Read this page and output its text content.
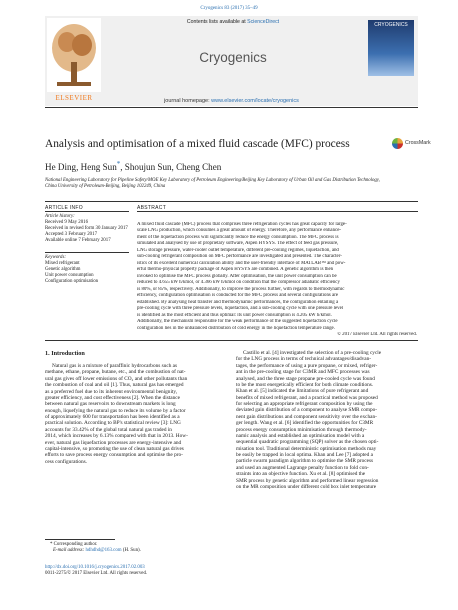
Cryogenics 83 (2017) 35–49
ELSEVIER
Contents lists available at ScienceDirect
Cryogenics
CRYOGENICS
journal homepage: www.elsevier.com/locate/cryogenics
Analysis and optimisation of a mixed fluid cascade (MFC) process	CrossMark
He Ding, Heng Sun*, Shoujun Sun, Cheng Chen
National Engineering Laboratory for Pipeline Safety/MOE Key Laboratory of Petroleum Engineering/Beijing Key Laboratory of Urban Oil and Gas Distribution Technology,
China University of Petroleum-Beijing, Beijing 102249, China
ARTICLE INFO
Article history:
Received 9 May 2016
Received in revised form 30 January 2017
Accepted 3 February 2017
Available online 7 February 2017
Keywords:
Mixed refrigerant
Genetic algorithm
Unit power consumption
Configuration optimisation
ABSTRACT
A mixed fluid cascade (MFC) process that comprises three refrigeration cycles has great capacity for large-
scale LNG production, which consumes a great amount of energy. Therefore, any performance enhance-
ment of the liquefaction process will significantly reduce the energy consumption. The MFC process is
simulated and analysed by use of proprietary software, Aspen HYSYS. The effect of feed gas pressure,
LNG storage pressure, water-cooler outlet temperature, different pre-cooling regimes, liquefaction, and
sub-cooling refrigerant composition on MFC performance are investigated and presented. The character-
istics of its excellent numerical calculation ability and the user-friendly interface of MATLAB™ and pow-
erful thermo-physical property package of Aspen HYSYS are combined. A genetic algorithm is then
invoked to optimise the MFC process globally. After optimisation, the unit power consumption can be
reduced to 4.655 kW h/kmol, or 4.366 kW h/kmol on condition that the compressor adiabatic efficiency
is 80%, or 85%, respectively. Additionally, to improve the process further, with regards to thermodynamic
efficiency, configuration optimisation is conducted for the MFC process and several configurations are
established. By analysing heat transfer and thermodynamic performances, the configuration entailing a
pre-cooling cycle with three pressure levels, liquefaction, and a sub-cooling cycle with one pressure level
is identified as the most efficient and thus optimal: its unit power consumption is 4.205 kW h/kmol.
Additionally, the mechanism responsible for the weak performance of the suggested liquefaction cycle
configuration lies in the unbalanced distribution of cold energy in the liquefaction temperature range.
© 2017 Elsevier Ltd. All rights reserved.
1. Introduction
Natural gas is a mixture of paraffinic hydrocarbons such as
methane, ethane, propane, butane, etc., and the combustion of nat-
ural gas gives off lower emissions of CO₂ and other pollutants than
the combustion of coal and oil [1]. Thus, natural gas has emerged
as a preferred fuel due to its inherent environmental benignity,
greater efficiency, and cost effectiveness [2]. When the distance
between natural gas reservoirs to downstream markets is long
enough, liquefying the natural gas to reduce its volume by a factor
of approximately 600 for transportation has been identified as a
practical solution. According to BP's statistical review [3]: LNG
accounts for 33.42% of the global total natural gas traded in
2014, which increases by 6.13% compared with that in 2013. How-
ever, natural gas liquefaction processes are energy-intensive and
capital-intensive, so promoting the use of clean natural gas drives
efforts to save process energy consumption and optimise the pro-
cess configurations.
Castillo et al. [4] investigated the selection of a pre-cooling cycle
for the LNG process in terms of technical advantages/disadvan-
tages, the performance of using a pure propane, or mixed, refriger-
ant in the pre-cooling stage for C3MR and MFC processes was
analysed, and the three stage propane pre-cooled cycle was found
to be the most energetically efficient for both climate conditions.
Khan et al. [5] indicated the limitations of pure refrigerant and
benefits of mixed refrigerant, and a practical method was proposed
for selecting an appropriate refrigerant composition by using the
deviated gain distribution of a component to analyse SMR compo-
nent gain distributions and component sensitivity over the exchan-
ger length. Wang et al. [6] identified the opportunities for C3MR
process energy consumption minimisation through thermody-
namic analysis and established an optimisation model with a
sequential quadratic programming (SQP) solver as the chosen opti-
misation tool. Traditional deterministic optimisation methods may
be easily be trapped in local optima. Khan and Lee [7] adopted a
particle swarm paradigm algorithm to optimise the SMR process
and used an augmented Lagrange penalty function to fold con-
straints into an objective function. Xu et al. [8] optimised the
SMR process by genetic algorithm and performed linear regression
on the MR composition under different cold box inlet temperature
* Corresponding author.
E-mail address: hdhdhd@163.com (H. Sun).
http://dx.doi.org/10.1016/j.cryogenics.2017.02.003
0011-2275/© 2017 Elsevier Ltd. All rights reserved.
